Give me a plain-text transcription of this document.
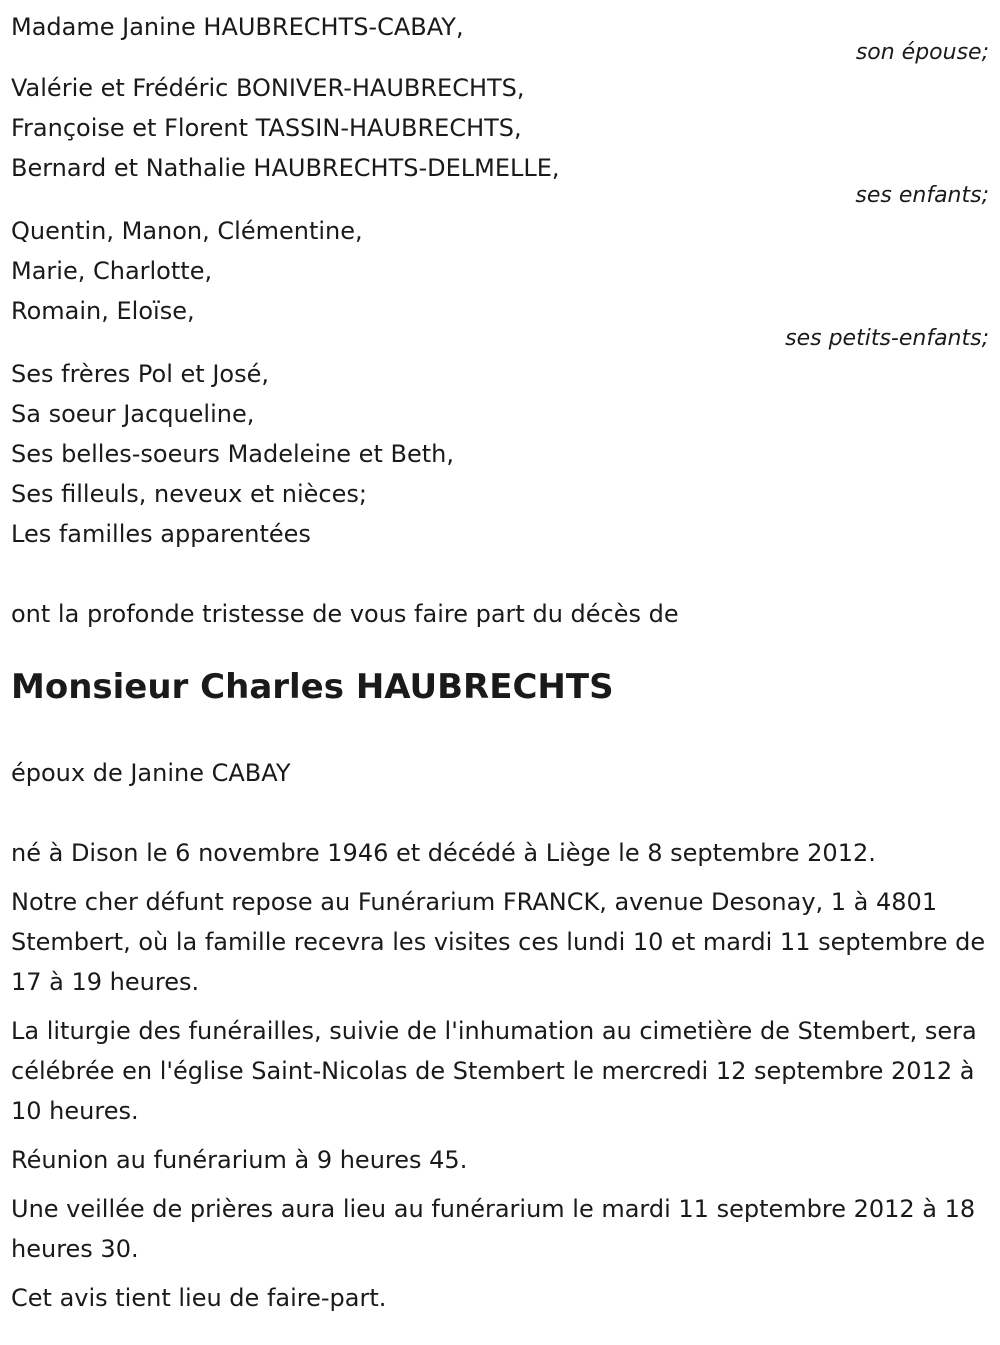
Madame Janine HAUBRECHTS-CABAY,
son épouse;
Valérie et Frédéric BONIVER-HAUBRECHTS,
Françoise et Florent TASSIN-HAUBRECHTS,
Bernard et Nathalie HAUBRECHTS-DELMELLE,
ses enfants;
Quentin, Manon, Clémentine,
Marie, Charlotte,
Romain, Eloïse,
ses petits-enfants;
Ses frères Pol et José,
Sa soeur Jacqueline,
Ses belles-soeurs Madeleine et Beth,
Ses filleuls, neveux et nièces;
Les familles apparentées
ont la profonde tristesse de vous faire part du décès de
Monsieur Charles HAUBRECHTS
époux de Janine CABAY
né à Dison le 6 novembre 1946 et décédé à Liège le 8 septembre 2012.
Notre cher défunt repose au Funérarium FRANCK, avenue Desonay, 1 à 4801 Stembert, où la famille recevra les visites ces lundi 10 et mardi 11 septembre de 17 à 19 heures.
La liturgie des funérailles, suivie de l'inhumation au cimetière de Stembert, sera célébrée en l'église Saint-Nicolas de Stembert le mercredi 12 septembre 2012 à 10 heures.
Réunion au funérarium à 9 heures 45.
Une veillée de prières aura lieu au funérarium le mardi 11 septembre 2012 à 18 heures 30.
Cet avis tient lieu de faire-part.
